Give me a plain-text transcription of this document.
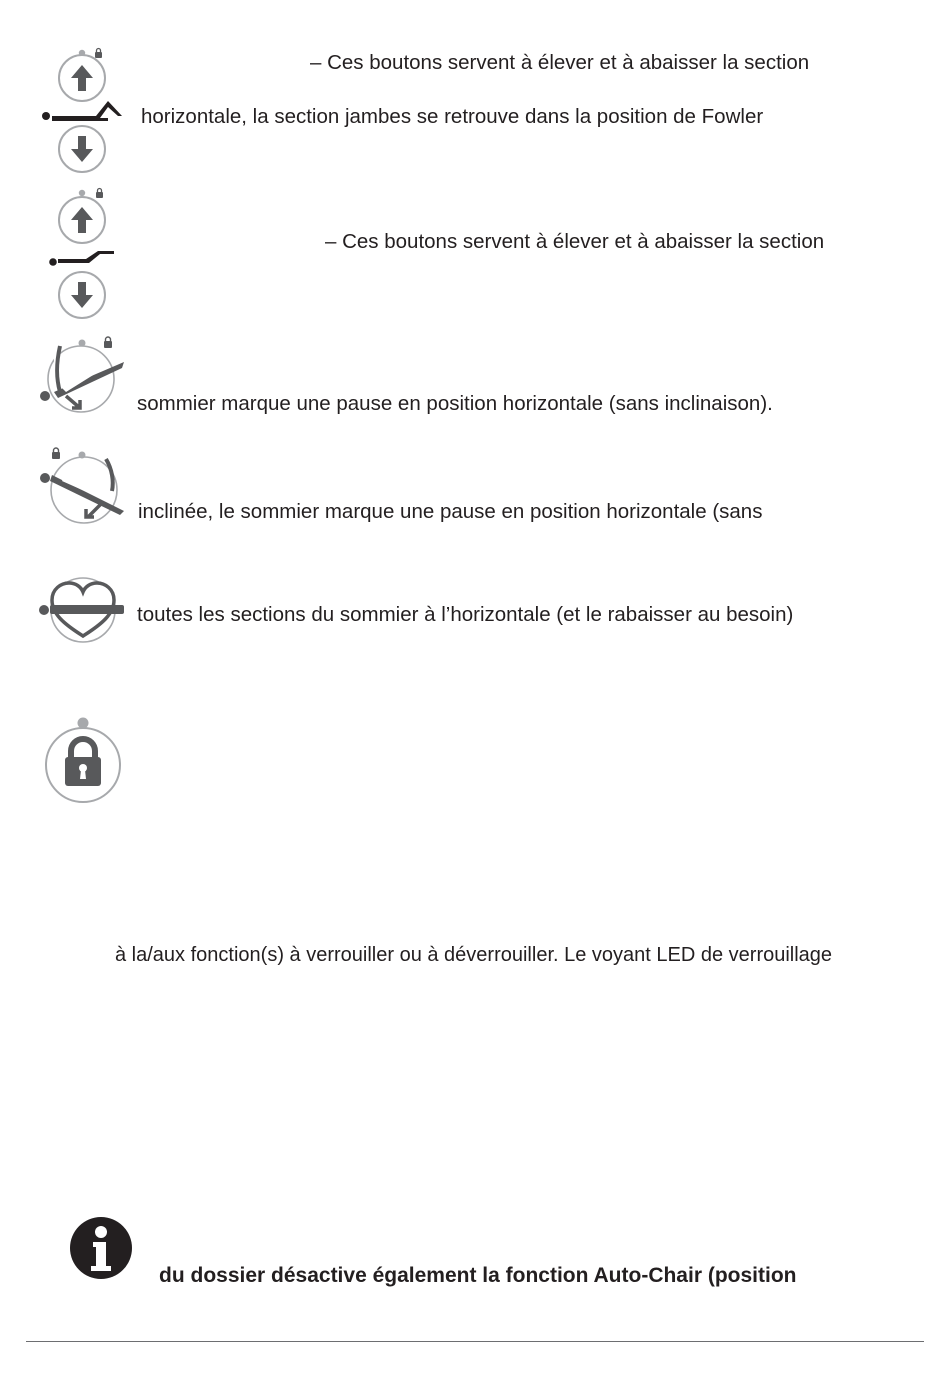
– Ces boutons servent à élever et à abaisser la section
horizontale, la section jambes se retrouve dans la position de Fowler
– Ces boutons servent à élever et à abaisser la section
sommier marque une pause en position horizontale (sans inclinaison).
inclinée, le sommier marque une pause en position horizontale (sans
toutes les sections du sommier à l’horizontale (et le rabaisser au besoin)
à la/aux fonction(s) à verrouiller ou à déverrouiller. Le voyant LED de verrouillage
du dossier désactive également la fonction Auto-Chair (position
